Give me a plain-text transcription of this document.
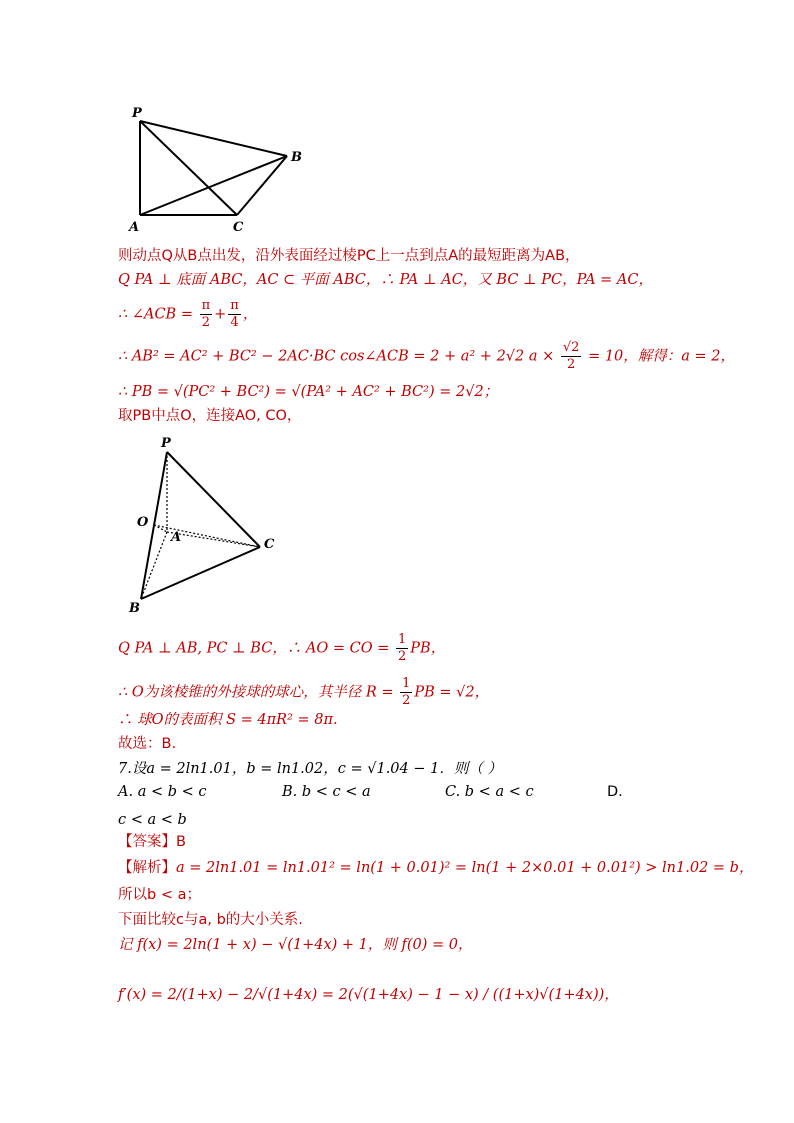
P
B
A	C
则动点Q从B点出发，沿外表面经过棱PC上一点到点A的最短距离为AB，
Q PA ⊥ 底面 ABC，AC ⊂ 平面 ABC，∴ PA ⊥ AC，又 BC ⊥ PC，PA = AC，
∴ ∠ACB = $\frac{\pi}{2} + \frac{\pi}{4}$ ，
∴ AB² = AC² + BC² − 2AC·BC cos∠ACB = 2 + a² + 2√2 $a \times \frac{√2}{2} = 10$，解得：a = 2，
∴ PB = √(PC² + BC²) = √(PA² + AC² + BC²) = 2√2；
取PB中点O，连接AO, CO，
P
O
A	C
B
Q PA ⊥ AB, PC ⊥ BC，∴ AO = CO = $\frac{1}{2}$ PB，
∴ O为该棱锥的外接球的球心，其半径 $R = \frac{1}{2}$ PB = √2，
∴ 球O的表面积 S = 4πR² = 8π.
故选：B.
7.设a = 2ln1.01，b = ln1.02，c = √1.04 − 1．则（ ）
A. a < b < c	B. b < c < a	C. b < a < c	D.
c < a < b
【答案】B
【解析】a = 2ln1.01 = ln1.01² = ln(1 + 0.01)² = ln(1 + 2×0.01 + 0.01²) > ln1.02 = b，
所以b < a；
下面比较c与a, b的大小关系.
记 f(x) = 2ln(1 + x) − √(1+4x) + 1，则 f(0) = 0，
f′(x) = 2/(1+x) − 2/√(1+4x) = 2(√(1+4x) − 1 − x) / ((1+x)√(1+4x))，
